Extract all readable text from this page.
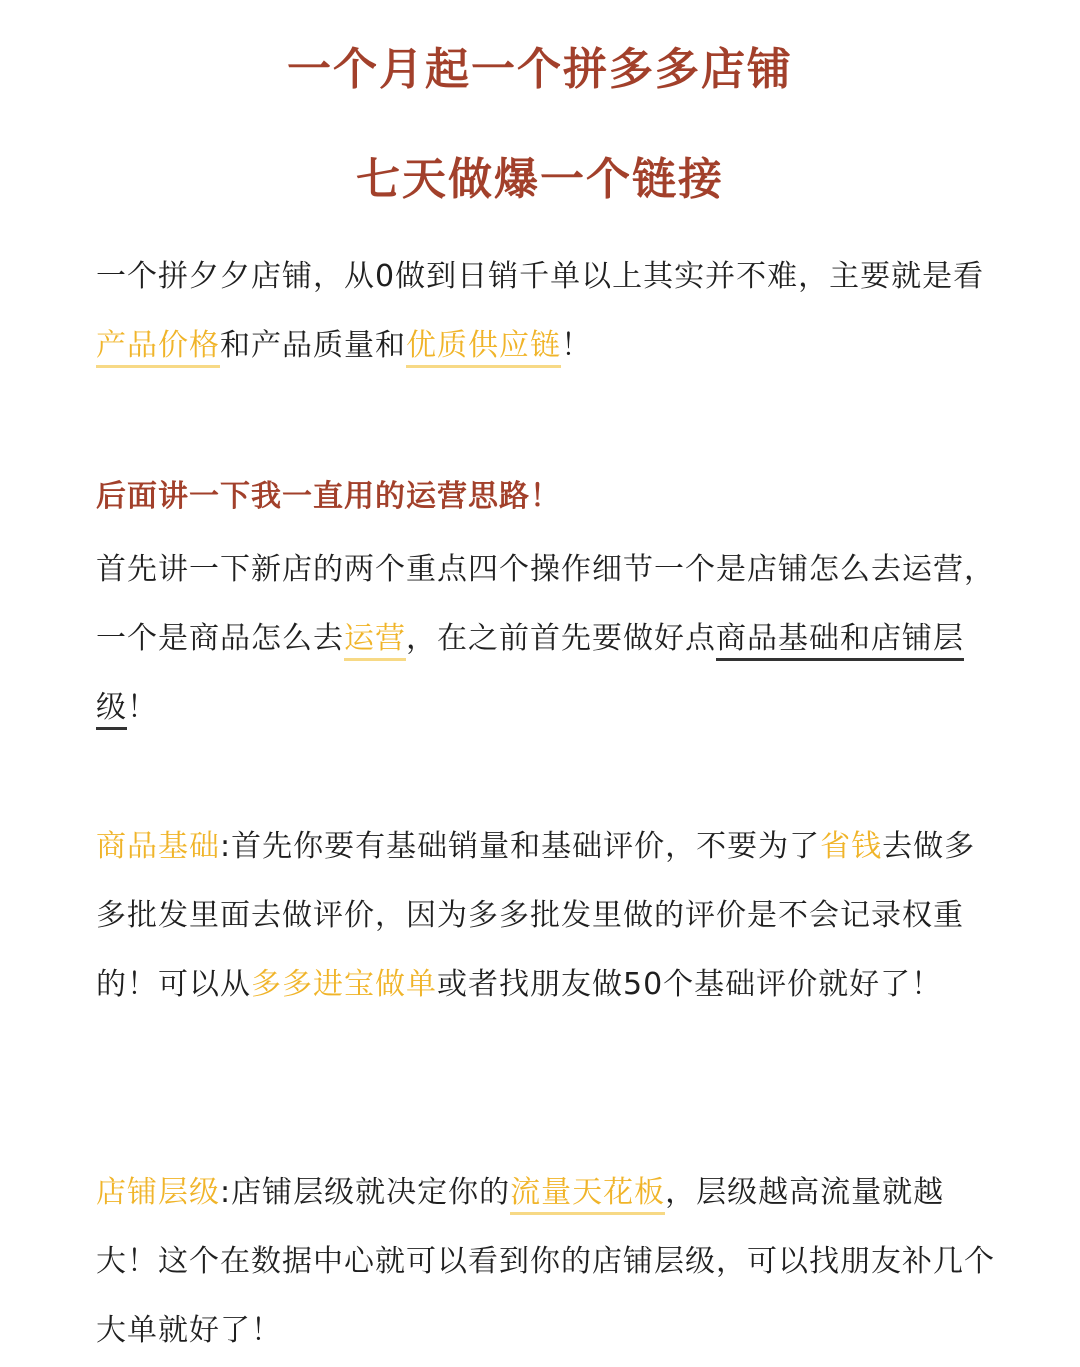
一个月起一个拼多多店铺
七天做爆一个链接

一个拼夕夕店铺，从0做到日销千单以上其实并不难，主要就是看产品价格和产品质量和优质供应链！

后面讲一下我一直用的运营思路！

首先讲一下新店的两个重点四个操作细节一个是店铺怎么去运营，一个是商品怎么去运营，在之前首先要做好点商品基础和店铺层级！

商品基础:首先你要有基础销量和基础评价，不要为了省钱去做多多批发里面去做评价，因为多多批发里做的评价是不会记录权重的！可以从多多进宝做单或者找朋友做50个基础评价就好了！

店铺层级:店铺层级就决定你的流量天花板，层级越高流量就越大！这个在数据中心就可以看到你的店铺层级，可以找朋友补几个大单就好了！
